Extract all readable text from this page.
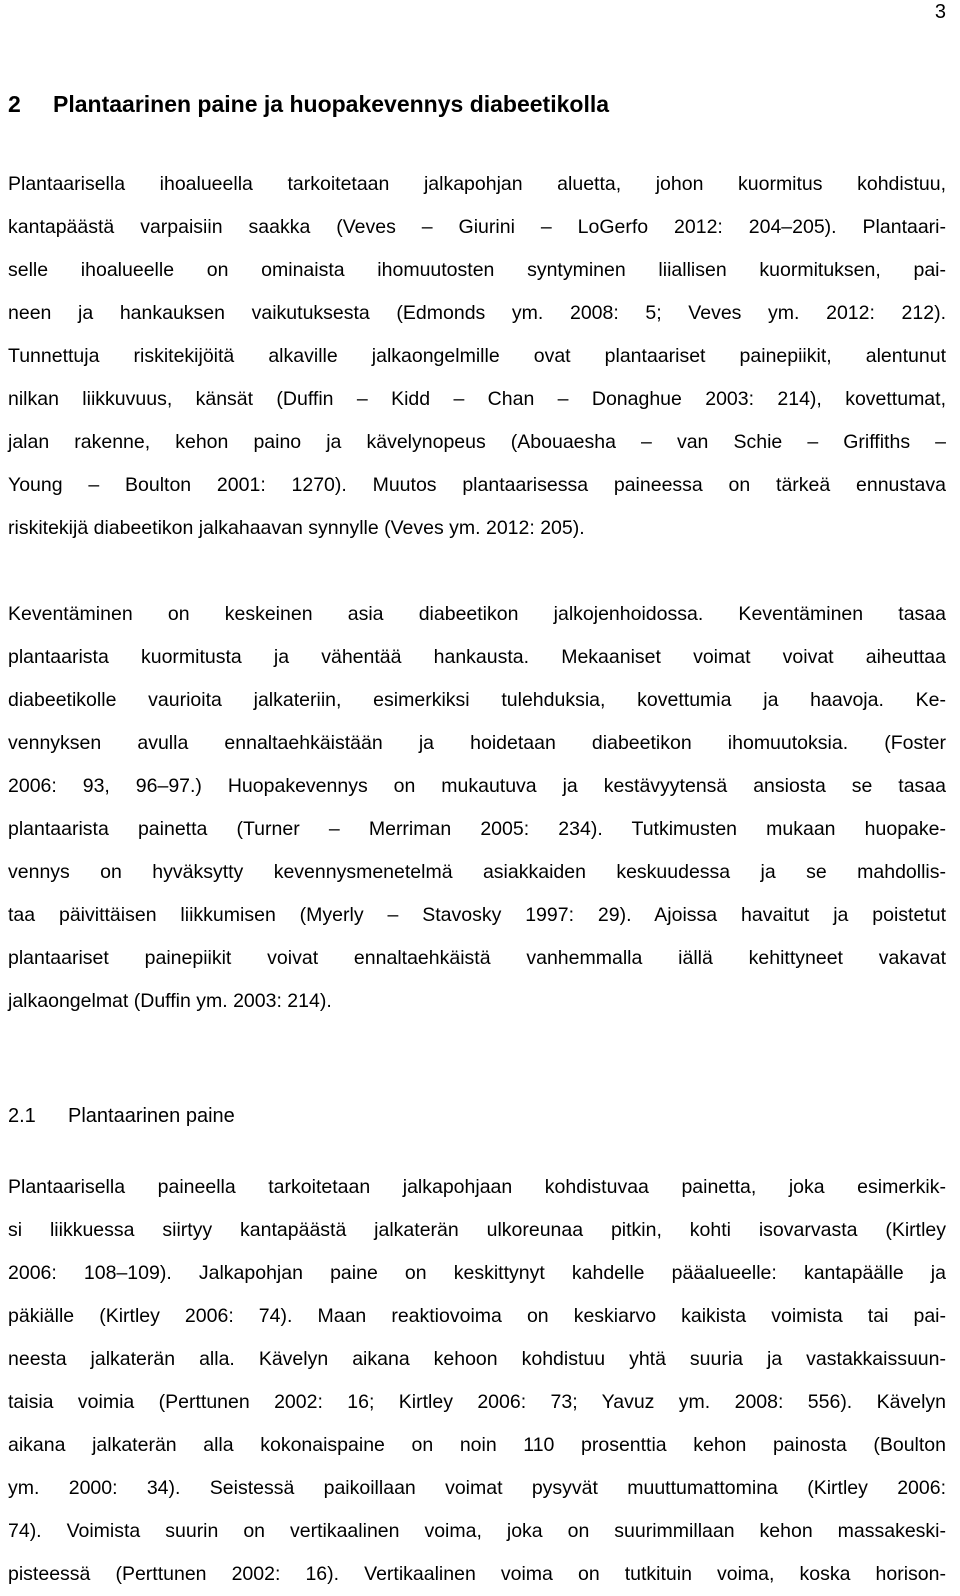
3
2 Plantaarinen paine ja huopakevennys diabeetikolla
Plantaarisella ihoalueella tarkoitetaan jalkapohjan aluetta, johon kuormitus kohdistuu,
kantapäästä varpaisiin saakka (Veves – Giurini – LoGerfo 2012: 204–205). Plantaari-
selle ihoalueelle on ominaista ihomuutosten syntyminen liiallisen kuormituksen, pai-
neen ja hankauksen vaikutuksesta (Edmonds ym. 2008: 5; Veves ym. 2012: 212).
Tunnettuja riskitekijöitä alkaville jalkaongelmille ovat plantaariset painepiikit, alentunut
nilkan liikkuvuus, känsät (Duffin – Kidd – Chan – Donaghue 2003: 214), kovettumat,
jalan rakenne, kehon paino ja kävelynopeus (Abouaesha – van Schie – Griffiths –
Young – Boulton 2001: 1270). Muutos plantaarisessa paineessa on tärkeä ennustava
riskitekijä diabeetikon jalkahaavan synnylle (Veves ym. 2012: 205).
Keventäminen on keskeinen asia diabeetikon jalkojenhoidossa. Keventäminen tasaa
plantaarista kuormitusta ja vähentää hankausta. Mekaaniset voimat voivat aiheuttaa
diabeetikolle vaurioita jalkateriin, esimerkiksi tulehduksia, kovettumia ja haavoja. Ke-
vennyksen avulla ennaltaehkäistään ja hoidetaan diabeetikon ihomuutoksia. (Foster
2006: 93, 96–97.) Huopakevennys on mukautuva ja kestävyytensä ansiosta se tasaa
plantaarista painetta (Turner – Merriman 2005: 234). Tutkimusten mukaan huopake-
vennys on hyväksytty kevennysmenetelmä asiakkaiden keskuudessa ja se mahdollis-
taa päivittäisen liikkumisen (Myerly – Stavosky 1997: 29). Ajoissa havaitut ja poistetut
plantaariset painepiikit voivat ennaltaehkäistä vanhemmalla iällä kehittyneet vakavat
jalkaongelmat (Duffin ym. 2003: 214).
2.1 Plantaarinen paine
Plantaarisella paineella tarkoitetaan jalkapohjaan kohdistuvaa painetta, joka esimerkik-
si liikkuessa siirtyy kantapäästä jalkaterän ulkoreunaa pitkin, kohti isovarvasta (Kirtley
2006: 108–109). Jalkapohjan paine on keskittynyt kahdelle pääalueelle: kantapäälle ja
päkiälle (Kirtley 2006: 74). Maan reaktiovoima on keskiarvo kaikista voimista tai pai-
neesta jalkaterän alla. Kävelyn aikana kehoon kohdistuu yhtä suuria ja vastakkaissuun-
taisia voimia (Perttunen 2002: 16; Kirtley 2006: 73; Yavuz ym. 2008: 556). Kävelyn
aikana jalkaterän alla kokonaispaine on noin 110 prosenttia kehon painosta (Boulton
ym. 2000: 34). Seistessä paikoillaan voimat pysyvät muuttumattomina (Kirtley 2006:
74). Voimista suurin on vertikaalinen voima, joka on suurimmillaan kehon massakeski-
pisteessä (Perttunen 2002: 16). Vertikaalinen voima on tutkituin voima, koska horison-
